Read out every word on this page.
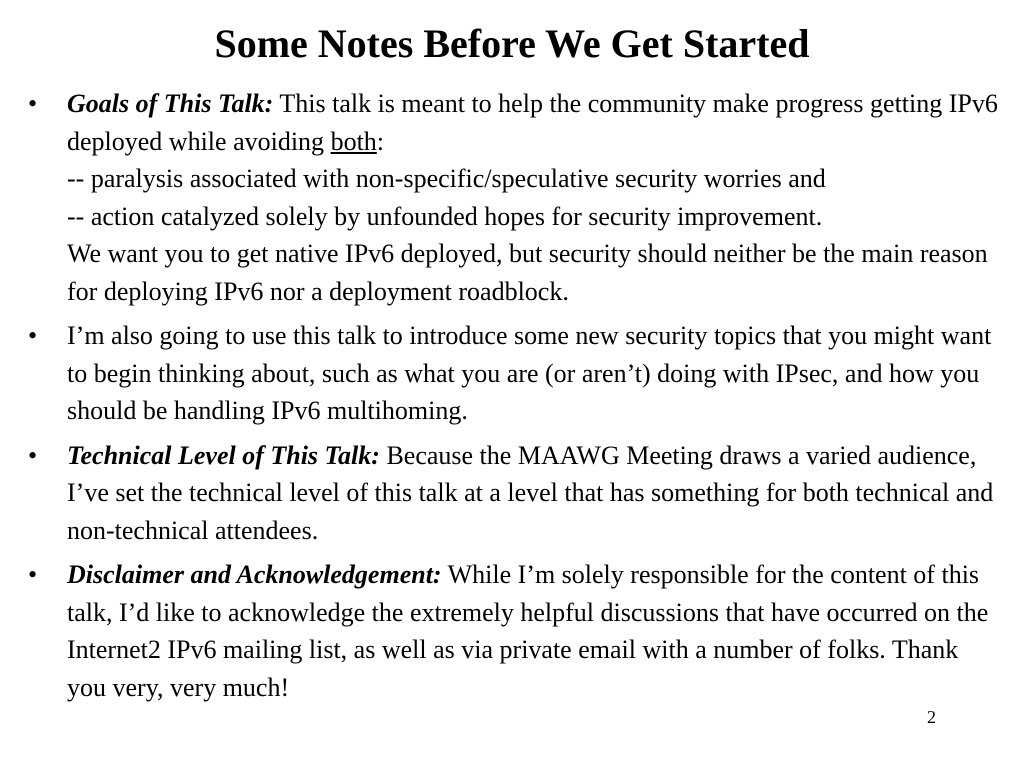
Some Notes Before We Get Started
• Goals of This Talk: This talk is meant to help the community make progress getting IPv6 deployed while avoiding both:
-- paralysis associated with non-specific/speculative security worries and
-- action catalyzed solely by unfounded hopes for security improvement.
We want you to get native IPv6 deployed, but security should neither be the main reason for deploying IPv6 nor a deployment roadblock.
• I’m also going to use this talk to introduce some new security topics that you might want to begin thinking about, such as what you are (or aren’t) doing with IPsec, and how you should be handling IPv6 multihoming.
• Technical Level of This Talk: Because the MAAWG Meeting draws a varied audience, I’ve set the technical level of this talk at a level that has something for both technical and non-technical attendees.
• Disclaimer and Acknowledgement: While I’m solely responsible for the content of this talk, I’d like to acknowledge the extremely helpful discussions that have occurred on the Internet2 IPv6 mailing list, as well as via private email with a number of folks. Thank you very, very much!
2
